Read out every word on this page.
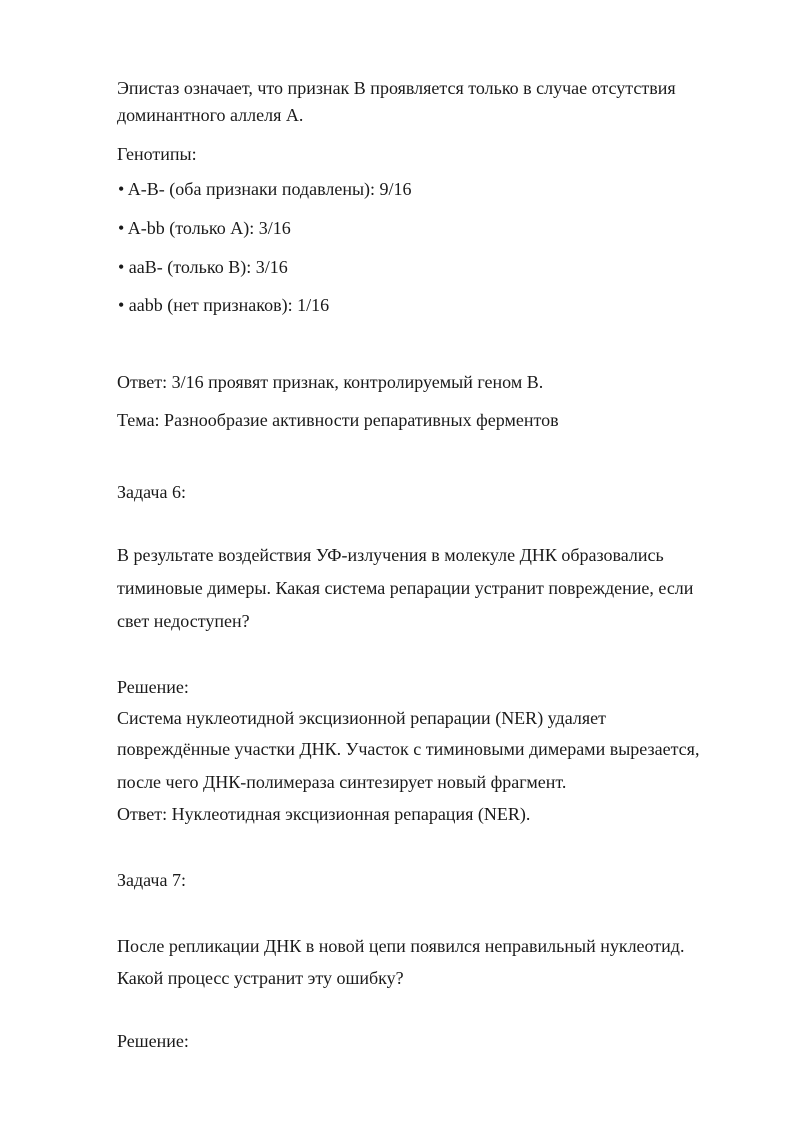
Эпистаз означает, что признак B проявляется только в случае отсутствия
доминантного аллеля A.
Генотипы:
• A-B- (оба признаки подавлены): 9/16
• A-bb (только A): 3/16
• aaB- (только B): 3/16
• aabb (нет признаков): 1/16
Ответ: 3/16 проявят признак, контролируемый геном B.
Тема: Разнообразие активности репаративных ферментов
Задача 6:
В результате воздействия УФ-излучения в молекуле ДНК образовались
тиминовые димеры. Какая система репарации устранит повреждение, если
свет недоступен?
Решение:
Система нуклеотидной эксцизионной репарации (NER) удаляет
повреждённые участки ДНК. Участок с тиминовыми димерами вырезается,
после чего ДНК-полимераза синтезирует новый фрагмент.
Ответ: Нуклеотидная эксцизионная репарация (NER).
Задача 7:
После репликации ДНК в новой цепи появился неправильный нуклеотид.
Какой процесс устранит эту ошибку?
Решение:
